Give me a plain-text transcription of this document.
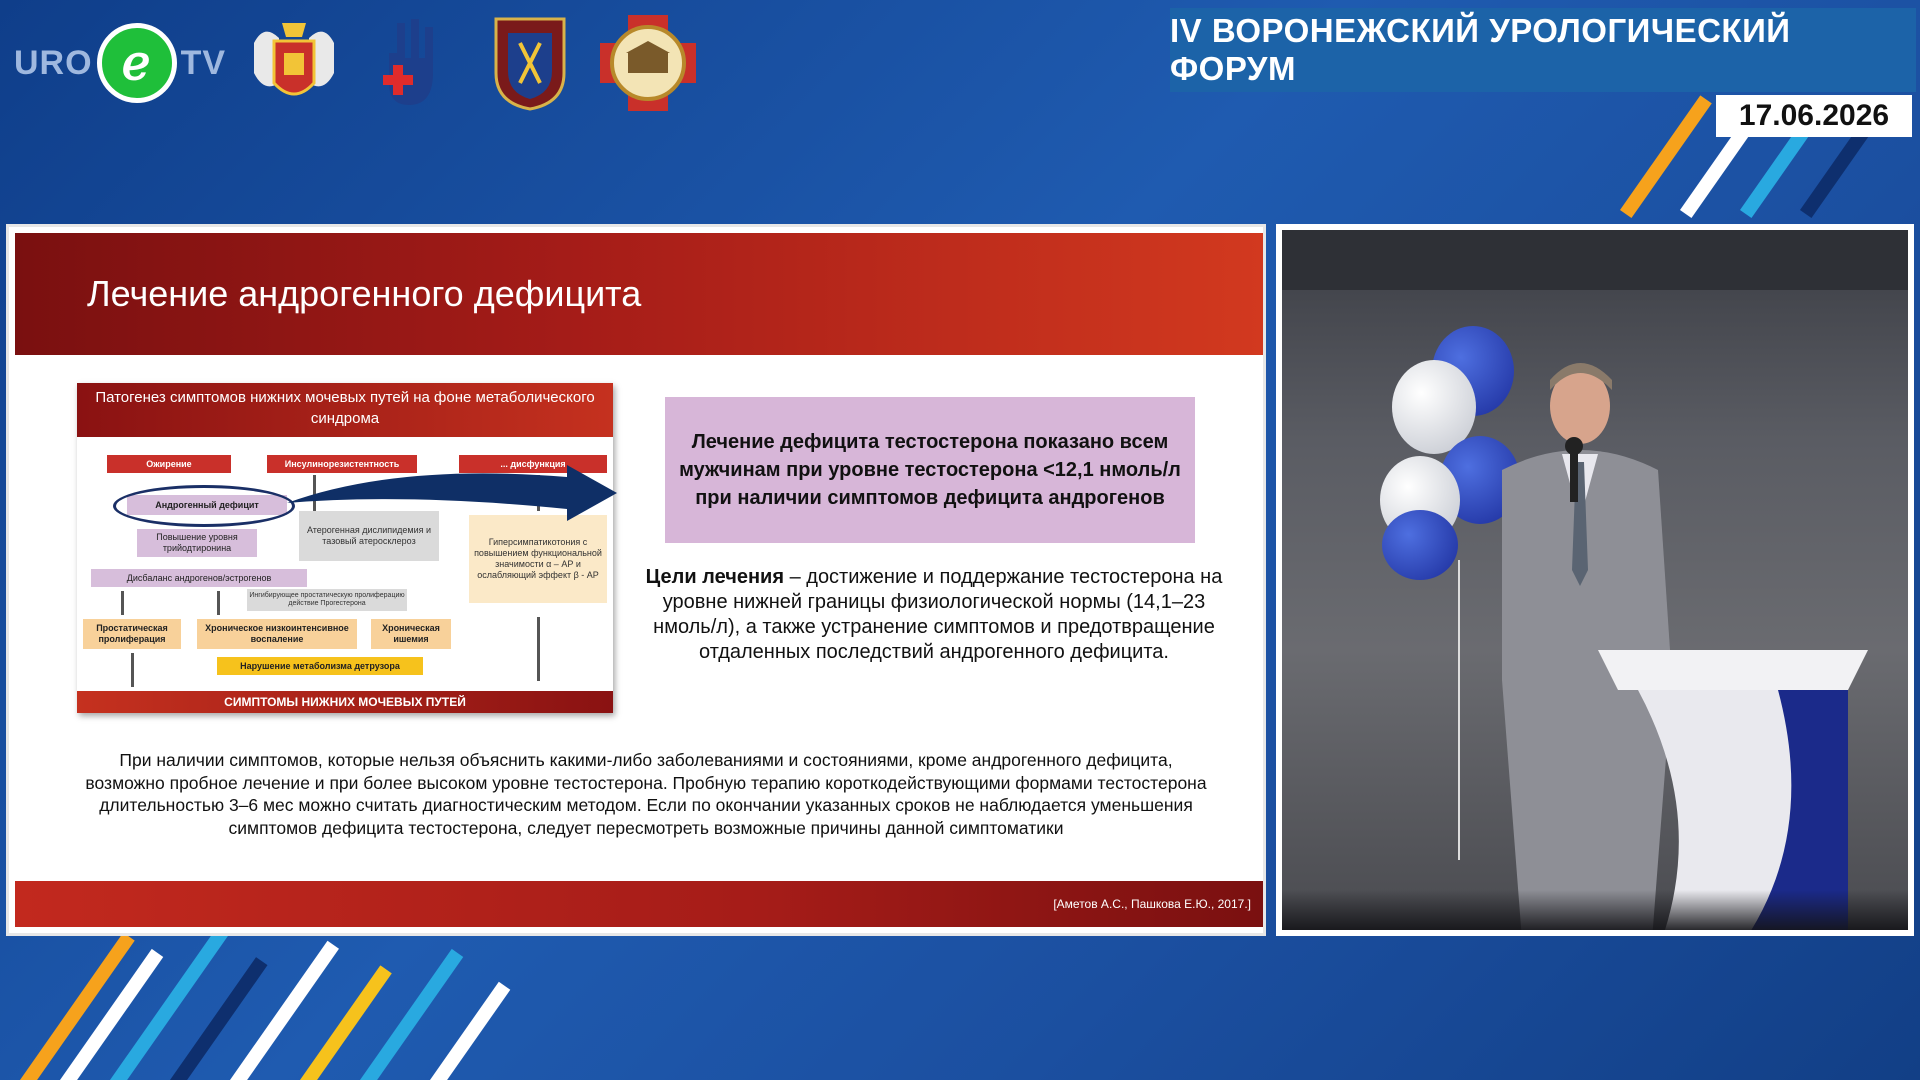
URO ℯ TV
IV ВОРОНЕЖСКИЙ УРОЛОГИЧЕСКИЙ ФОРУМ
17.06.2026
Лечение андрогенного дефицита
Патогенез симптомов нижних мочевых путей на фоне метаболического синдрома
Ожирение	Инсулинорезистентность	... дисфункция
Андрогенный дефицит
Повышение уровня трийодтиронина
Атерогенная дислипидемия и тазовый атеросклероз	Гиперсимпатикотония с повышением функциональной значимости α – АР и ослабляющий эффект β - АР
Дисбаланс андрогенов/эстрогенов
Ингибирующее простатическую пролиферацию действие Прогестерона
Простатическая пролиферация
Хроническое низкоинтенсивное воспаление
Хроническая ишемия
Нарушение метаболизма детрузора
СИМПТОМЫ НИЖНИХ МОЧЕВЫХ ПУТЕЙ
Лечение дефицита тестостерона показано всем мужчинам при уровне тестостерона <12,1 нмоль/л при наличии симптомов дефицита андрогенов
Цели лечения – достижение и поддержание тестостерона на уровне нижней границы физиологической нормы (14,1–23 нмоль/л), а также устранение симптомов и предотвращение отдаленных последствий андрогенного дефицита.
При наличии симптомов, которые нельзя объяснить какими-либо заболеваниями и состояниями, кроме андрогенного дефицита, возможно пробное лечение и при более высоком уровне тестостерона. Пробную терапию короткодействующими формами тестостерона длительностью 3–6 мес можно считать диагностическим методом. Если по окончании указанных сроков не наблюдается уменьшения симптомов дефицита тестостерона, следует пересмотреть возможные причины данной симптоматики
[Аметов А.С., Пашкова Е.Ю., 2017.]
